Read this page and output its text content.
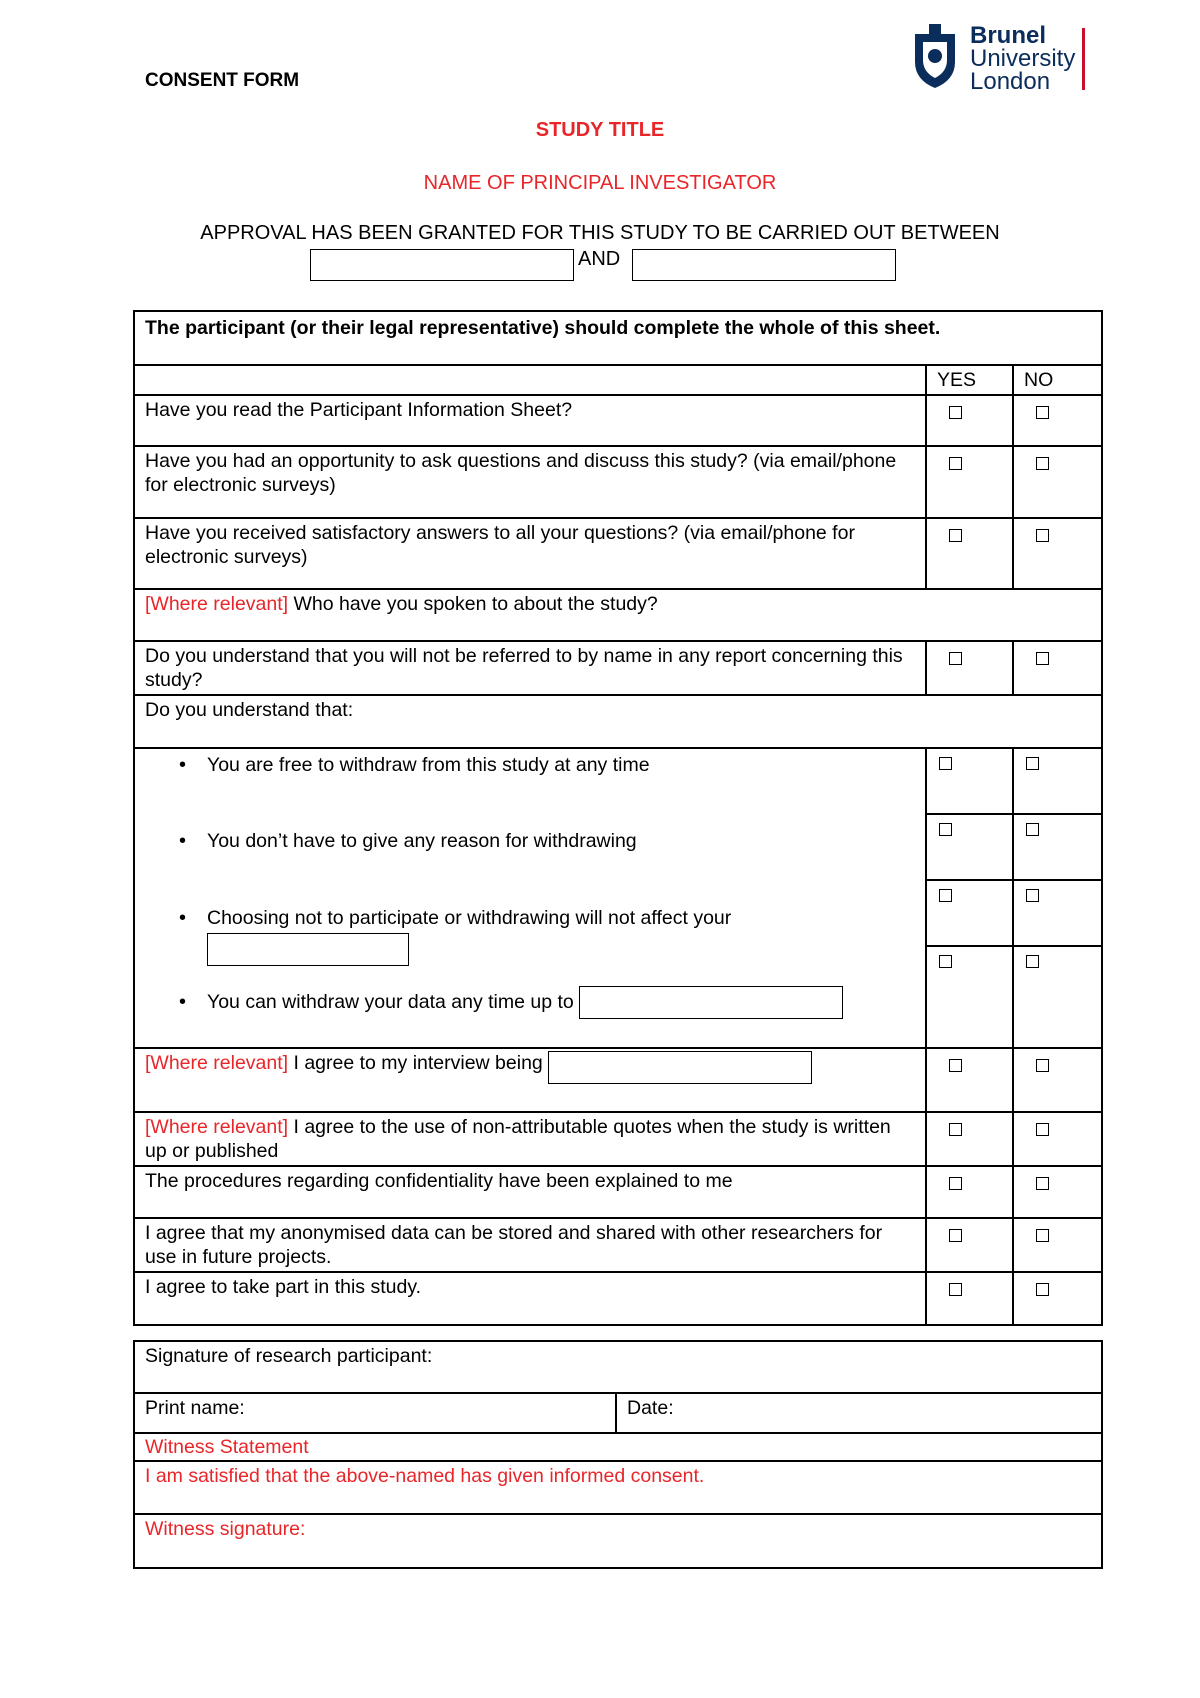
CONSENT FORM
Brunel
University
London
STUDY TITLE
NAME OF PRINCIPAL INVESTIGATOR
APPROVAL HAS BEEN GRANTED FOR THIS STUDY TO BE CARRIED OUT BETWEEN
AND
The participant (or their legal representative) should complete the whole of this sheet.		
	YES	NO
Have you read the Participant Information Sheet?		
Have you had an opportunity to ask questions and discuss this study? (via email/phone for electronic surveys)		
Have you received satisfactory answers to all your questions? (via email/phone for electronic surveys)		
[Where relevant] Who have you spoken to about the study?		
Do you understand that you will not be referred to by name in any report concerning this study?		
Do you understand that:		

• You are free to withdraw from this study at any time
• You don’t have to give any reason for withdrawing
• Choosing not to participate or withdrawing will not affect your

• You can withdraw your data any time up to

[Where relevant] I agree to my interview being		
[Where relevant] I agree to the use of non-attributable quotes when the study is written up or published		
The procedures regarding confidentiality have been explained to me		
I agree that my anonymised data can be stored and shared with other researchers for use in future projects.		
I agree to take part in this study.		
Signature of research participant:
Print name:	Date:
Witness Statement
I am satisfied that the above-named has given informed consent.
Witness signature:
